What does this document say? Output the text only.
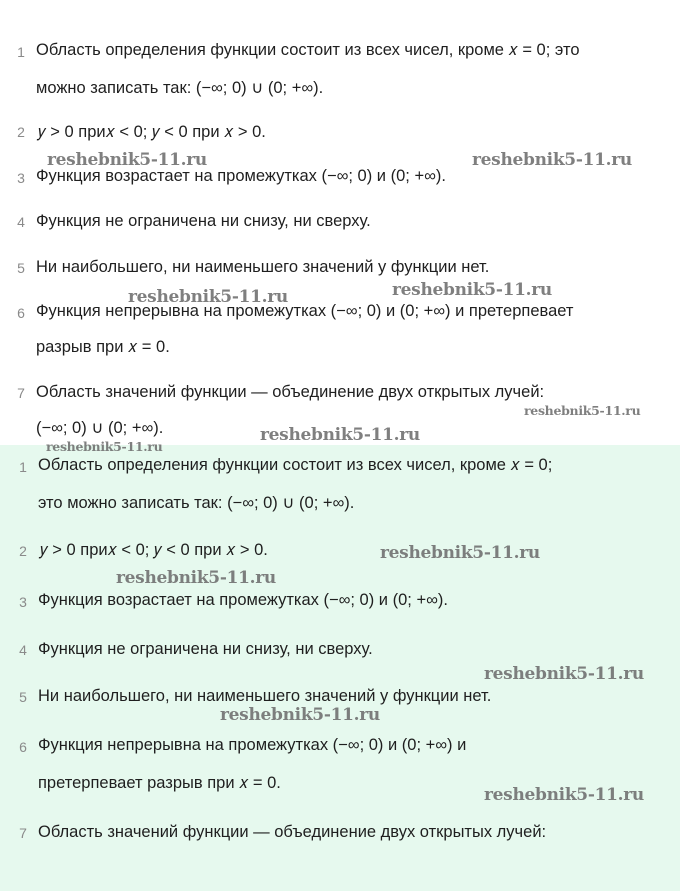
1 Область определения функции состоит из всех чисел, кроме 𝑥 = 0; это
можно записать так: (−∞; 0) ∪ (0; +∞).
2 𝑦 > 0 при𝑥 < 0; 𝑦 < 0 при 𝑥 > 0.
3 Функция возрастает на промежутках (−∞; 0) и (0; +∞).
4 Функция не ограничена ни снизу, ни сверху.
5 Ни наибольшего, ни наименьшего значений у функции нет.
6 Функция непрерывна на промежутках (−∞; 0) и (0; +∞) и претерпевает
разрыв при 𝑥 = 0.
7 Область значений функции — объединение двух открытых лучей:
(−∞; 0) ∪ (0; +∞).
1 Область определения функции состоит из всех чисел, кроме 𝑥 = 0;
это можно записать так: (−∞; 0) ∪ (0; +∞).
2 𝑦 > 0 при𝑥 < 0; 𝑦 < 0 при 𝑥 > 0.
3 Функция возрастает на промежутках (−∞; 0) и (0; +∞).
4 Функция не ограничена ни снизу, ни сверху.
5 Ни наибольшего, ни наименьшего значений у функции нет.
6 Функция непрерывна на промежутках (−∞; 0) и (0; +∞) и
претерпевает разрыв при 𝑥 = 0.
7 Область значений функции — объединение двух открытых лучей:
reshebnik5-11.ru	reshebnik5-11.ru
reshebnik5-11.ru	reshebnik5-11.ru
reshebnik5-11.ru
reshebnik5-11.ru
reshebnik5-11.ru
reshebnik5-11.ru
reshebnik5-11.ru
reshebnik5-11.ru
reshebnik5-11.ru
reshebnik5-11.ru
